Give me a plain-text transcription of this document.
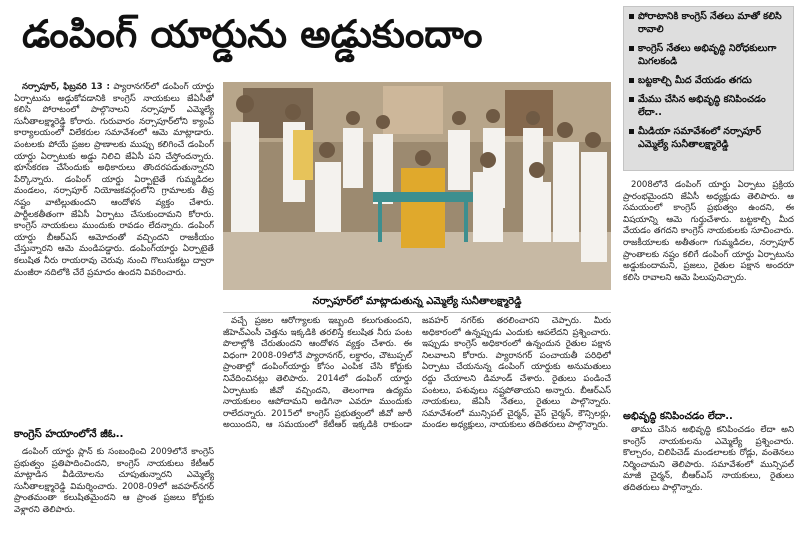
డంపింగ్ యార్డును అడ్డుకుందాం	పోరాటానికి కాంగ్రెస్ నేతలు మాతో కలిసి రావాలి
కాంగ్రెస్ నేతలు అభివృద్ధి నిరోధకులుగా మిగలకండి
బట్టకాల్చి మీద వేయడం తగదు
మేము చేసిన అభివృద్ధి కనిపించడం లేదా..
మీడియా సమావేశంలో నర్సాపూర్ ఎమ్మెల్యే సునీతాలక్ష్మారెడ్డి

నర్సాపూర్, ఫిబ్రవరి 13 : ప్యారానగర్‌లో డంపింగ్ యార్డు ఏర్పాటును అడ్డుకోవడానికి కాంగ్రెస్ నాయకులు జేఏసీతో కలిసి పోరాటంలో పాల్గొనాలని నర్సాపూర్ ఎమ్మెల్యే సునీతాలక్ష్మారెడ్డి కోరారు. గురువారం నర్సాపూర్‌లోని క్యాంప్ కార్యాలయంలో విలేకరుల సమావేశంలో ఆమె మాట్లాడారు. పంటలకు పోయే ప్రజల ప్రాణాలకు ముప్పు కలిగించే డంపింగ్ యార్డు ఏర్పాటుకు అడ్డు నిలిచి జేఏసీ పని చేస్తోందన్నారు. భూసేకరణ చేసేందుకు అధికారులు తొందరపడుతున్నారని పేర్కొన్నారు. డంపింగ్ యార్డు ఏర్పాటైతే గుమ్మడిదల మండలం, నర్సాపూర్ నియోజకవర్గంలోని గ్రామాలకు తీవ్ర నష్టం వాటిల్లుతుందని ఆందోళన వ్యక్తం చేశారు. పార్టీలకతీతంగా జేఏసీ ఏర్పాటు చేసుకుందామని కోరారు. కాంగ్రెస్ నాయకులు ముందుకు రావడం లేదన్నారు. డంపింగ్ యార్డు బీఆర్ఎస్ ఆమోదంతో వచ్చిందని రాజకీయం చేస్తున్నారని ఆమె మండిపడ్డారు. డంపింగ్‌యార్డు ఏర్పాటైతే కలుషిత నీరు రాయరావు చెరువు నుంచి గొలుసుకట్టు ద్వారా మంజీరా నదిలోకి చేరే ప్రమాదం ఉందని వివరించారు.

కాంగ్రెస్ హయాంలోనే జీఓ..

డంపింగ్ యార్డు ప్లాన్ కు సంబంధించి 2009లోనే కాంగ్రెస్ ప్రభుత్వం ప్రతిపాదించిందని, కాంగ్రెస్ నాయకులు కేటీఆర్ మాట్లాడిన వీడియోలను చూపుతున్నారని ఎమ్మెల్యే సునీతాలక్ష్మారెడ్డి విమర్శించారు. 2008-09లో జవహర్‌నగర్ ప్రాంతమంతా కలుషితమైందని ఆ ప్రాంత ప్రజలు కోర్టుకు వెళ్లారని తెలిపారు.

నర్సాపూర్‌లో మాట్లాడుతున్న ఎమ్మెల్యే సునీతాలక్ష్మారెడ్డి

వచ్చే ప్రజల ఆరోగ్యాలకు ఇబ్బంది కలుగుతుందని, జీహెచ్ఎంసీ చెత్తను ఇక్కడికి తరలిస్తే కలుషిత నీరు పంట పొలాల్లోకి చేరుతుందని ఆందోళన వ్యక్తం చేశారు. ఈ విధంగా 2008-09లోనే ప్యారానగర్, లక్డారం, చౌటుప్పల్ ప్రాంతాల్లో డంపింగ్‌యార్డు కోసం ఎంపిక చేసి కోర్టుకు నివేదించినట్లు తెలిపారు. 2014లో డంపింగ్ యార్డు ఏర్పాటుకు జీవో వచ్చిందని, తెలంగాణ ఉద్యమ నాయకులం ఆపోదామని అడిగినా ఎవరూ ముందుకు రాలేదన్నారు. 2015లో కాంగ్రెస్ ప్రభుత్వంలో జీవో జారీ అయిందని, ఆ సమయంలో కేటీఆర్ ఇక్కడికి రాకుండా జవహర్ నగర్‌కు తరలించారని చెప్పారు. మీరు అధికారంలో ఉన్నప్పుడు ఎందుకు ఆపలేదని ప్రశ్నించారు. ఇప్పుడు కాంగ్రెస్ అధికారంలో ఉన్నందున రైతుల పక్షాన నిలవాలని కోరారు. ప్యారానగర్ పంచాయతీ పరిధిలో ఏర్పాటు చేయనున్న డంపింగ్ యార్డుకు అనుమతులు రద్దు చేయాలని డిమాండ్ చేశారు. రైతులు పండించే పంటలు, పశువులు నష్టపోతాయని అన్నారు. బీఆర్ఎస్ నాయకులు, జేఏసీ నేతలు, రైతులు పాల్గొన్నారు. సమావేశంలో మున్సిపల్ చైర్మన్, వైస్ చైర్మన్, కౌన్సిలర్లు, మండల అధ్యక్షులు, నాయకులు తదితరులు పాల్గొన్నారు.

2008లోనే డంపింగ్ యార్డు ఏర్పాటు ప్రక్రియ ప్రారంభమైందని జేఏసీ అధ్యక్షుడు తెలిపారు. ఆ సమయంలో కాంగ్రెస్ ప్రభుత్వం ఉందని, ఈ విషయాన్ని ఆమె గుర్తుచేశారు. బట్టకాల్చి మీద వేయడం తగదని కాంగ్రెస్ నాయకులకు సూచించారు. రాజకీయాలకు అతీతంగా గుమ్మడిదల, నర్సాపూర్ ప్రాంతాలకు నష్టం కలిగే డంపింగ్ యార్డు ఏర్పాటును అడ్డుకుందామని, ప్రజలు, రైతుల పక్షాన అందరూ కలిసి రావాలని ఆమె పిలుపునిచ్చారు.

అభివృద్ధి కనిపించడం లేదా..

తాము చేసిన అభివృద్ధి కనిపించడం లేదా అని కాంగ్రెస్ నాయకులను ఎమ్మెల్యే ప్రశ్నించారు. కొల్చారం, చిలిపిచెడ్ మండలాలకు రోడ్లు, వంతెనలు నిర్మించామని తెలిపారు. సమావేశంలో మున్సిపల్ మాజీ చైర్మన్, బీఆర్ఎస్ నాయకులు, రైతులు తదితరులు పాల్గొన్నారు.
